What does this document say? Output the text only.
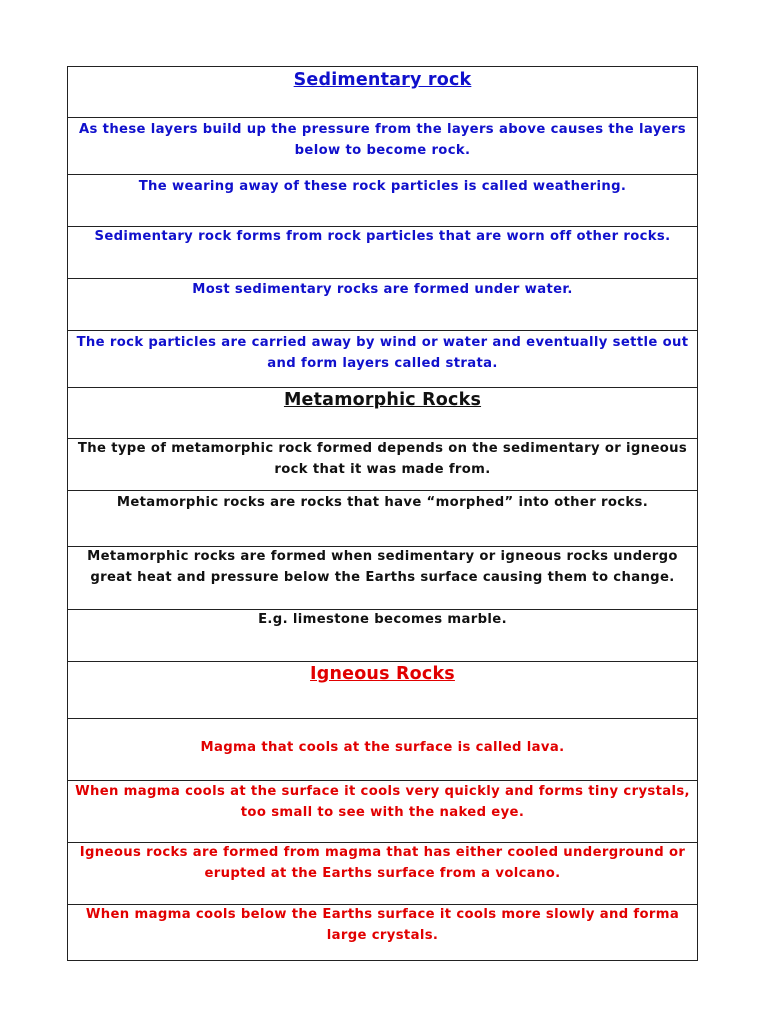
Sedimentary rock
As these layers build up the pressure from the layers above causes the layers below to become rock.
The wearing away of these rock particles is called weathering.
Sedimentary rock forms from rock particles that are worn off other rocks.
Most sedimentary rocks are formed under water.
The rock particles are carried away by wind or water and eventually settle out and form layers called strata.
Metamorphic Rocks
The type of metamorphic rock formed depends on the sedimentary or igneous rock that it was made from.
Metamorphic rocks are rocks that have “morphed” into other rocks.
Metamorphic rocks are formed when sedimentary or igneous rocks undergo great heat and pressure below the Earths surface causing them to change.
E.g. limestone becomes marble.
Igneous Rocks
Magma that cools at the surface is called lava.
When magma cools at the surface it cools very quickly and forms tiny crystals, too small to see with the naked eye.
Igneous rocks are formed from magma that has either cooled underground or erupted at the Earths surface from a volcano.
When magma cools below the Earths surface it cools more slowly and forma large crystals.
